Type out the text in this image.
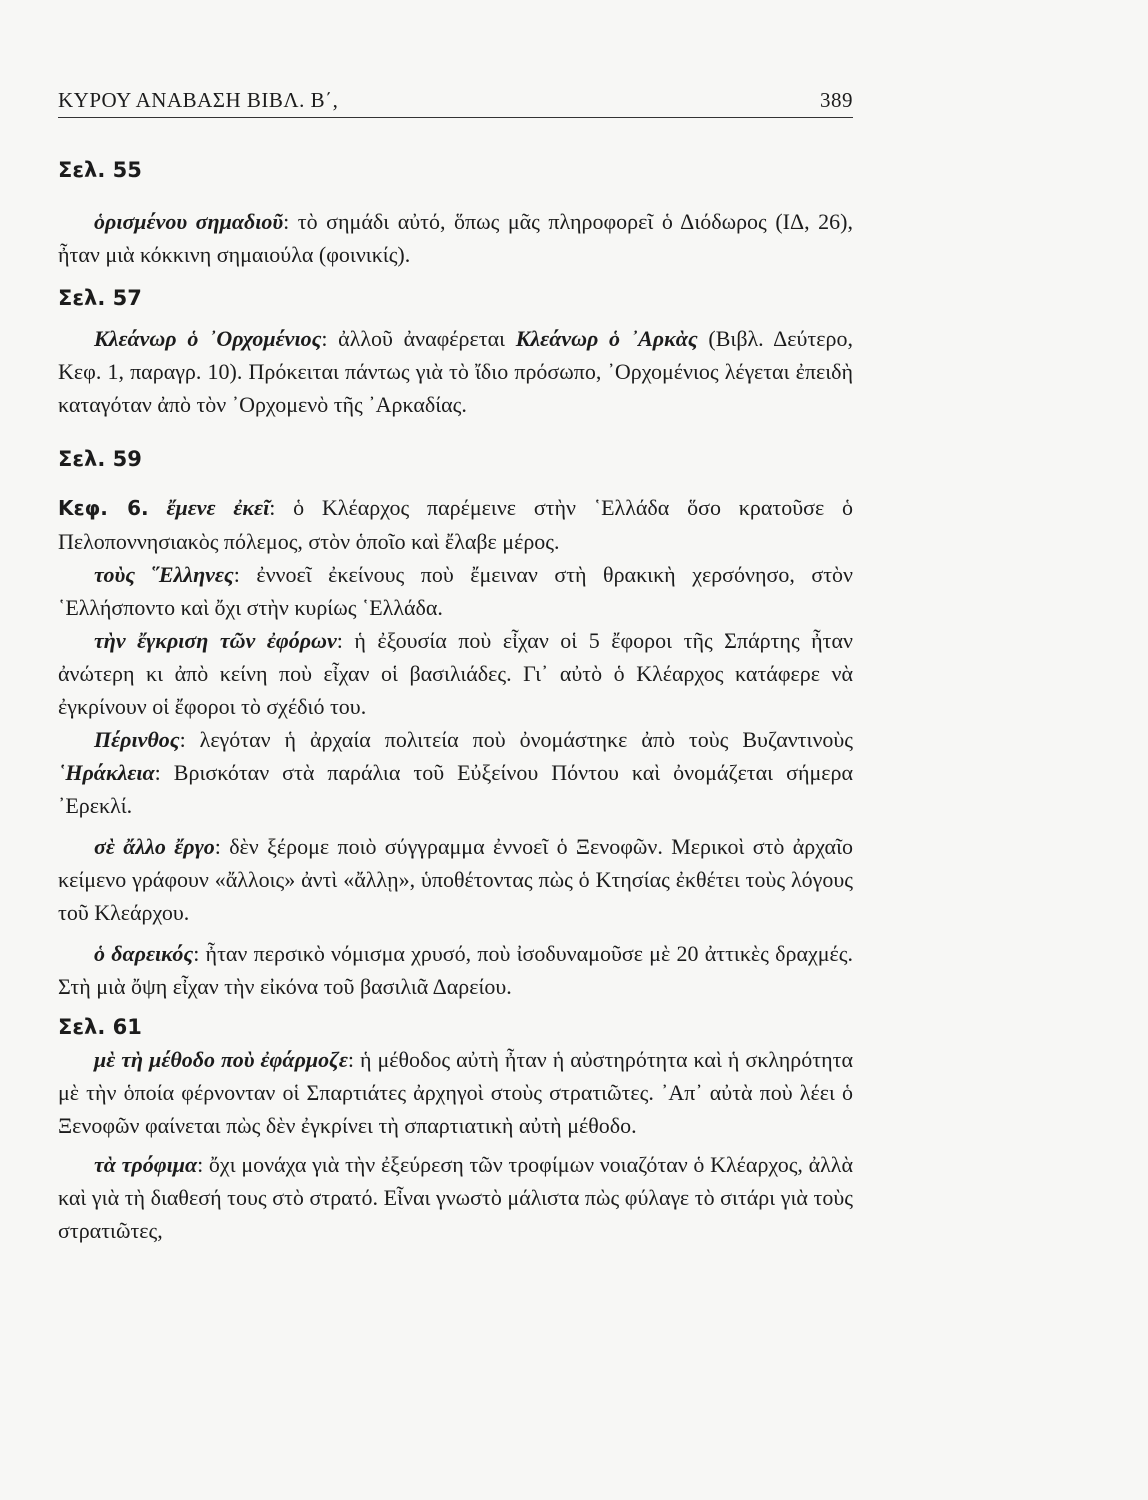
ΚΥΡΟΥ ΑΝΑΒΑΣΗ ΒΙΒΛ. Β΄,	389
Σελ. 55

ὁρισμένου σημαδιοῦ: τὸ σημάδι αὐτό, ὅπως μᾶς πληροφορεῖ ὁ Διόδωρος (ΙΔ, 26), ἦταν μιὰ κόκκινη σημαιούλα (φοινικίς).

Σελ. 57

Κλεάνωρ ὁ ᾿Ορχομένιος: ἀλλοῦ ἀναφέρεται Κλεάνωρ ὁ ᾿Αρκὰς (Βιβλ. Δεύτερο, Κεφ. 1, παραγρ. 10). Πρόκειται πάντως γιὰ τὸ ἴδιο πρόσωπο, ᾿Ορχομένιος λέγεται ἐπειδὴ καταγόταν ἀπὸ τὸν ᾿Ορχομενὸ τῆς ᾿Αρκαδίας.

Σελ. 59

Κεφ. 6. ἔμενε ἐκεῖ: ὁ Κλέαρχος παρέμεινε στὴν ῾Ελλάδα ὅσο κρατοῦσε ὁ Πελοποννησιακὸς πόλεμος, στὸν ὁποῖο καὶ ἔλαβε μέρος.

τοὺς ῞Ελληνες: ἐννοεῖ ἐκείνους ποὺ ἔμειναν στὴ θρακικὴ χερσόνησο, στὸν ῾Ελλήσποντο καὶ ὄχι στὴν κυρίως ῾Ελλάδα.

τὴν ἔγκριση τῶν ἐφόρων: ἡ ἐξουσία ποὺ εἶχαν οἱ 5 ἔφοροι τῆς Σπάρτης ἦταν ἀνώτερη κι ἀπὸ κείνη ποὺ εἶχαν οἱ βασιλιάδες. Γι᾿ αὐτὸ ὁ Κλέαρχος κατάφερε νὰ ἐγκρίνουν οἱ ἔφοροι τὸ σχέδιό του.

Πέρινθος: λεγόταν ἡ ἀρχαία πολιτεία ποὺ ὀνομάστηκε ἀπὸ τοὺς Βυζαντινοὺς ῾Ηράκλεια: Βρισκόταν στὰ παράλια τοῦ Εὐξείνου Πόντου καὶ ὀνομάζεται σήμερα ᾿Ερεκλί.

σὲ ἄλλο ἔργο: δὲν ξέρομε ποιὸ σύγγραμμα ἐννοεῖ ὁ Ξενοφῶν. Μερικοὶ στὸ ἀρχαῖο κείμενο γράφουν «ἄλλοις» ἀντὶ «ἄλλῃ», ὑποθέτοντας πὼς ὁ Κτησίας ἐκθέτει τοὺς λόγους τοῦ Κλεάρχου.

ὁ δαρεικός: ἦταν περσικὸ νόμισμα χρυσό, ποὺ ἰσοδυναμοῦσε μὲ 20 ἀττικὲς δραχμές. Στὴ μιὰ ὄψη εἶχαν τὴν εἰκόνα τοῦ βασιλιᾶ Δαρείου.

Σελ. 61

μὲ τὴ μέθοδο ποὺ ἐφάρμοζε: ἡ μέθοδος αὐτὴ ἦταν ἡ αὐστηρότητα καὶ ἡ σκληρότητα μὲ τὴν ὁποία φέρνονταν οἱ Σπαρτιάτες ἀρχηγοὶ στοὺς στρατιῶτες. ᾿Απ᾿ αὐτὰ ποὺ λέει ὁ Ξενοφῶν φαίνεται πὼς δὲν ἐγκρίνει τὴ σπαρτιατικὴ αὐτὴ μέθοδο.

τὰ τρόφιμα: ὄχι μονάχα γιὰ τὴν ἐξεύρεση τῶν τροφίμων νοιαζόταν ὁ Κλέαρχος, ἀλλὰ καὶ γιὰ τὴ διαθεσή τους στὸ στρατό. Εἶναι γνωστὸ μάλιστα πὼς φύλαγε τὸ σιτάρι γιὰ τοὺς στρατιῶτες,
